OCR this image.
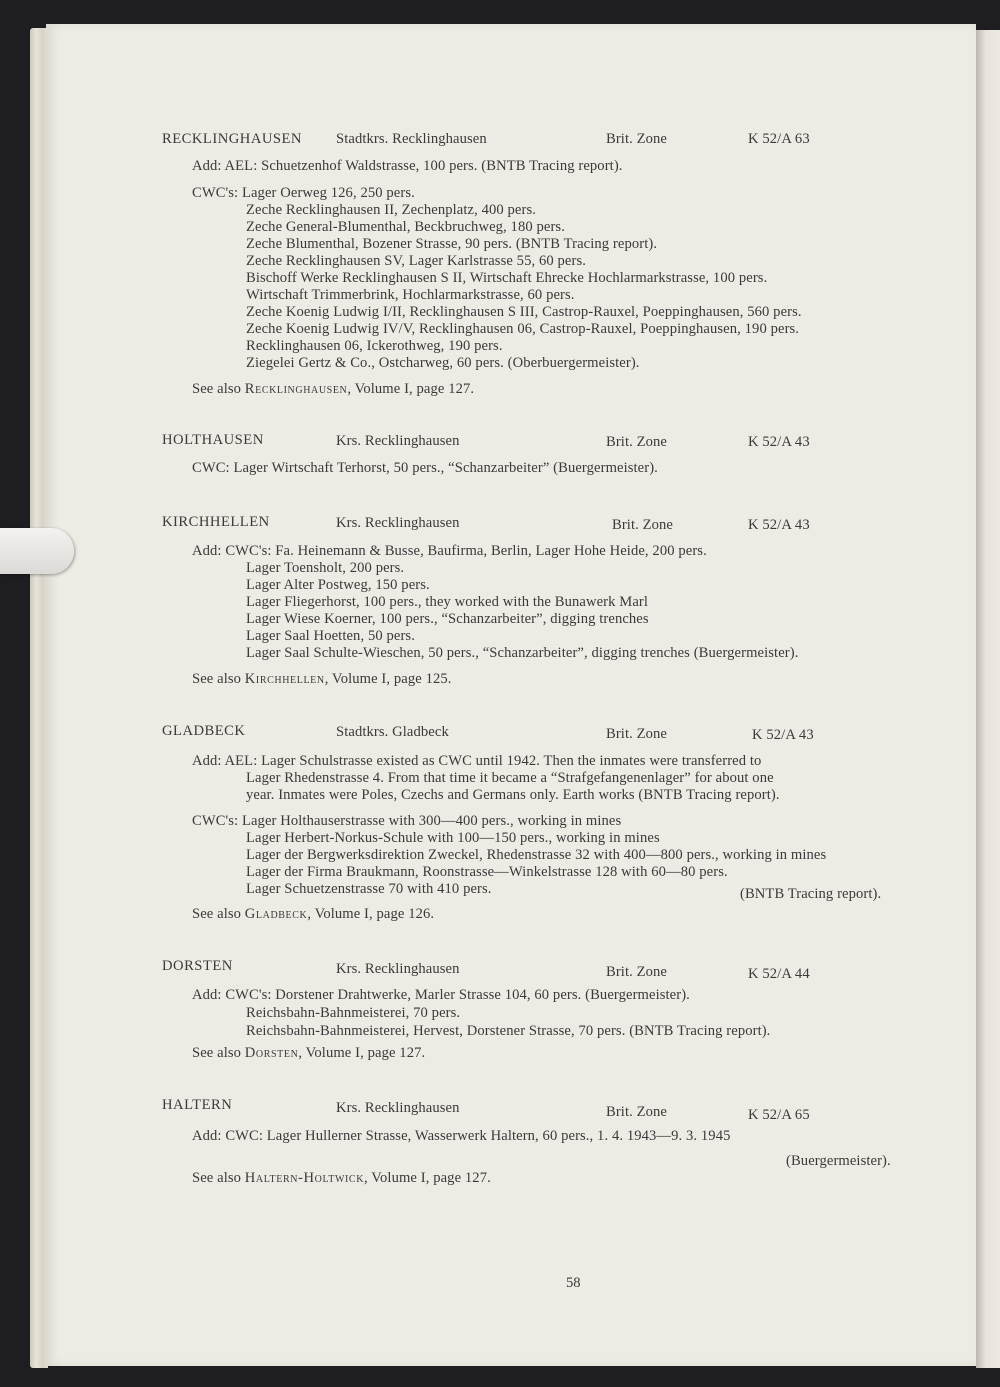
RECKLINGHAUSEN Stadtkrs. Recklinghausen	Brit. Zone	K 52/A 63
Add: AEL: Schuetzenhof Waldstrasse, 100 pers. (BNTB Tracing report).
CWC's: Lager Oerweg 126, 250 pers.
Zeche Recklinghausen II, Zechenplatz, 400 pers.
Zeche General-Blumenthal, Beckbruchweg, 180 pers.
Zeche Blumenthal, Bozener Strasse, 90 pers. (BNTB Tracing report).
Zeche Recklinghausen SV, Lager Karlstrasse 55, 60 pers.
Bischoff Werke Recklinghausen S II, Wirtschaft Ehrecke Hochlarmarkstrasse, 100 pers.
Wirtschaft Trimmerbrink, Hochlarmarkstrasse, 60 pers.
Zeche Koenig Ludwig I/II, Recklinghausen S III, Castrop-Rauxel, Poeppinghausen, 560 pers.
Zeche Koenig Ludwig IV/V, Recklinghausen 06, Castrop-Rauxel, Poeppinghausen, 190 pers.
Recklinghausen 06, Ickerothweg, 190 pers.
Ziegelei Gertz & Co., Ostcharweg, 60 pers. (Oberbuergermeister).
See also Recklinghausen, Volume I, page 127.
HOLTHAUSEN	Krs. Recklinghausen	Brit. Zone	K 52/A 43
CWC: Lager Wirtschaft Terhorst, 50 pers., “Schanzarbeiter” (Buergermeister).
KIRCHHELLEN	Krs. Recklinghausen	Brit. Zone	K 52/A 43
Add: CWC's: Fa. Heinemann & Busse, Baufirma, Berlin, Lager Hohe Heide, 200 pers.
Lager Toensholt, 200 pers.
Lager Alter Postweg, 150 pers.
Lager Fliegerhorst, 100 pers., they worked with the Bunawerk Marl
Lager Wiese Koerner, 100 pers., “Schanzarbeiter”, digging trenches
Lager Saal Hoetten, 50 pers.
Lager Saal Schulte-Wieschen, 50 pers., “Schanzarbeiter”, digging trenches (Buergermeister).
See also Kirchhellen, Volume I, page 125.
GLADBECK	Stadtkrs. Gladbeck	Brit. Zone	K 52/A 43
Add: AEL: Lager Schulstrasse existed as CWC until 1942. Then the inmates were transferred to
Lager Rhedenstrasse 4. From that time it became a “Strafgefangenenlager” for about one
year. Inmates were Poles, Czechs and Germans only. Earth works (BNTB Tracing report).
CWC's: Lager Holthauserstrasse with 300—400 pers., working in mines
Lager Herbert-Norkus-Schule with 100—150 pers., working in mines
Lager der Bergwerksdirektion Zweckel, Rhedenstrasse 32 with 400—800 pers., working in mines
Lager der Firma Braukmann, Roonstrasse—Winkelstrasse 128 with 60—80 pers.
Lager Schuetzenstrasse 70 with 410 pers.	(BNTB Tracing report).
See also Gladbeck, Volume I, page 126.
DORSTEN	Krs. Recklinghausen	Brit. Zone	K 52/A 44
Add: CWC's: Dorstener Drahtwerke, Marler Strasse 104, 60 pers. (Buergermeister).
Reichsbahn-Bahnmeisterei, 70 pers.
Reichsbahn-Bahnmeisterei, Hervest, Dorstener Strasse, 70 pers. (BNTB Tracing report).
See also Dorsten, Volume I, page 127.
HALTERN	Krs. Recklinghausen	Brit. Zone	K 52/A 65
Add: CWC: Lager Hullerner Strasse, Wasserwerk Haltern, 60 pers., 1. 4. 1943—9. 3. 1945
(Buergermeister).
See also Haltern-Holtwick, Volume I, page 127.
58
